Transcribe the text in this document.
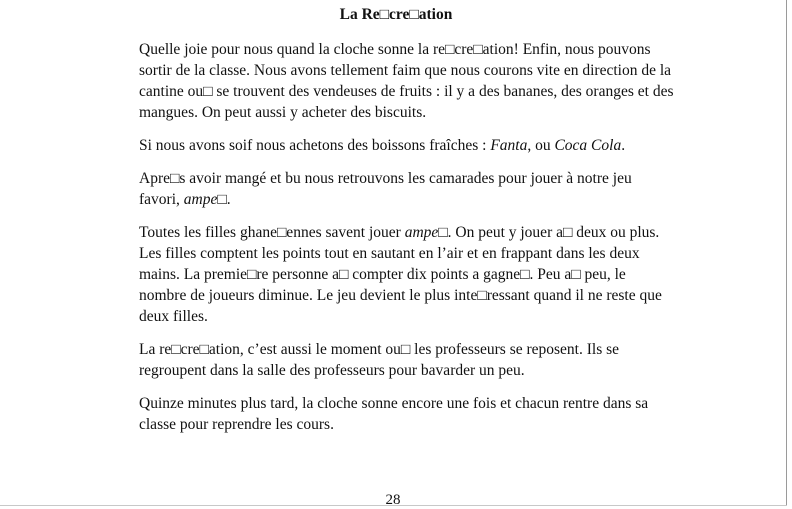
La Re□cre□ation

Quelle joie pour nous quand la cloche sonne la re□cre□ation! Enfin, nous pouvons
sortir de la classe. Nous avons tellement faim que nous courons vite en direction de la
cantine ou□ se trouvent des vendeuses de fruits : il y a des bananes, des oranges et des
mangues. On peut aussi y acheter des biscuits.

Si nous avons soif nous achetons des boissons fraîches : Fanta, ou Coca Cola.

Apre□s avoir mangé et bu nous retrouvons les camarades pour jouer à notre jeu
favori, ampe□.

Toutes les filles ghane□ennes savent jouer ampe□. On peut y jouer a□ deux ou plus.
Les filles comptent les points tout en sautant en l’air et en frappant dans les deux
mains. La premie□re personne a□ compter dix points a gagne□. Peu a□ peu, le
nombre de joueurs diminue. Le jeu devient le plus inte□ressant quand il ne reste que
deux filles.

La re□cre□ation, c’est aussi le moment ou□ les professeurs se reposent. Ils se
regroupent dans la salle des professeurs pour bavarder un peu.

Quinze minutes plus tard, la cloche sonne encore une fois et chacun rentre dans sa
classe pour reprendre les cours.

28
